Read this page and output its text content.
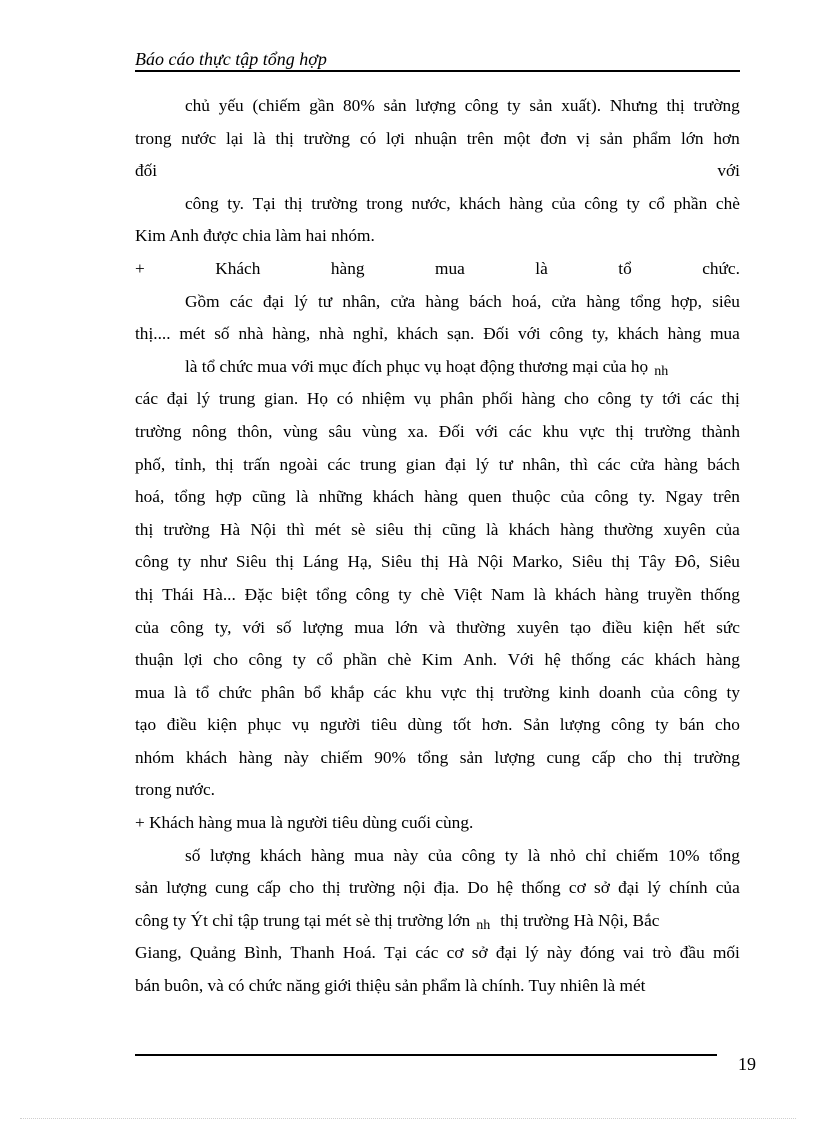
Báo cáo thực tập tổng hợp
chủ yếu (chiếm gần 80% sản lượng công ty sản xuất). Nhưng thị trường
trong nước lại là thị trường có lợi nhuận trên một đơn vị sản phẩm lớn hơn
đối	với
công ty. Tại thị trường trong nước, khách hàng của công ty cổ phần chè
Kim Anh được chia làm hai nhóm.
+	Khách	hàng	mua	là	tổ	chức.
Gồm các đại lý tư nhân, cửa hàng bách hoá, cửa hàng tổng hợp, siêu
thị.... mét số nhà hàng, nhà nghỉ, khách sạn. Đối với công ty, khách hàng mua
là tổ chức mua với mục đích phục vụ hoạt động thương mại của họ nh
các đại lý trung gian. Họ có nhiệm vụ phân phối hàng cho công ty tới các thị
trường nông thôn, vùng sâu vùng xa. Đối với các khu vực thị trường thành
phố, tỉnh, thị trấn ngoài các trung gian đại lý tư nhân, thì các cửa hàng bách
hoá, tổng hợp cũng là những khách hàng quen thuộc của công ty. Ngay trên
thị trường Hà Nội thì mét sè siêu thị cũng là khách hàng thường xuyên của
công ty như Siêu thị Láng Hạ, Siêu thị Hà Nội Marko, Siêu thị Tây Đô, Siêu
thị Thái Hà... Đặc biệt tổng công ty chè Việt Nam là khách hàng truyền thống
của công ty, với số lượng mua lớn và thường xuyên tạo điều kiện hết sức
thuận lợi cho công ty cổ phần chè Kim Anh. Với hệ thống các khách hàng
mua là tổ chức phân bổ khắp các khu vực thị trường kinh doanh của công ty
tạo điều kiện phục vụ người tiêu dùng tốt hơn. Sản lượng công ty bán cho
nhóm khách hàng này chiếm 90% tổng sản lượng cung cấp cho thị trường
trong nước.
+ Khách hàng mua là người tiêu dùng cuối cùng.
số lượng khách hàng mua này của công ty là nhỏ chỉ chiếm 10% tổng
sản lượng cung cấp cho thị trường nội địa. Do hệ thống cơ sở đại lý chính của
công ty Ýt chỉ tập trung tại mét sè thị trường lớn nh thị trường Hà Nội, Bắc
Giang, Quảng Bình, Thanh Hoá. Tại các cơ sở đại lý này đóng vai trò đầu mối
bán buôn, và có chức năng giới thiệu sản phẩm là chính. Tuy nhiên là mét
19
